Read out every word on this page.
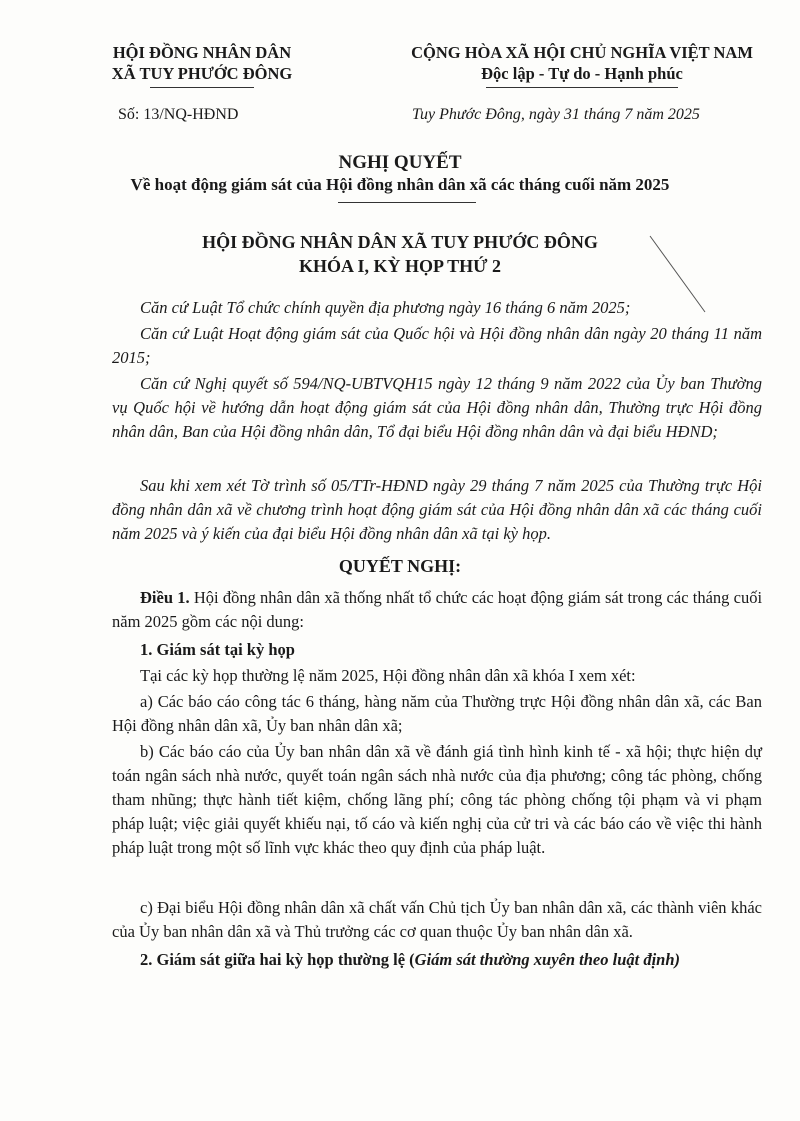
HỘI ĐỒNG NHÂN DÂN
XÃ TUY PHƯỚC ĐÔNG
CỘNG HÒA XÃ HỘI CHỦ NGHĨA VIỆT NAM
Độc lập - Tự do - Hạnh phúc
Số: 13/NQ-HĐND	Tuy Phước Đông, ngày 31 tháng 7 năm 2025
NGHỊ QUYẾT
Về hoạt động giám sát của Hội đồng nhân dân xã các tháng cuối năm 2025
HỘI ĐỒNG NHÂN DÂN XÃ TUY PHƯỚC ĐÔNG
KHÓA I, KỲ HỌP THỨ 2

Căn cứ Luật Tổ chức chính quyền địa phương ngày 16 tháng 6 năm 2025;

Căn cứ Luật Hoạt động giám sát của Quốc hội và Hội đồng nhân dân ngày 20 tháng 11 năm 2015;

Căn cứ Nghị quyết số 594/NQ-UBTVQH15 ngày 12 tháng 9 năm 2022 của Ủy ban Thường vụ Quốc hội về hướng dẫn hoạt động giám sát của Hội đồng nhân dân, Thường trực Hội đồng nhân dân, Ban của Hội đồng nhân dân, Tổ đại biểu Hội đồng nhân dân và đại biểu HĐND;

Sau khi xem xét Tờ trình số 05/TTr-HĐND ngày 29 tháng 7 năm 2025 của Thường trực Hội đồng nhân dân xã về chương trình hoạt động giám sát của Hội đồng nhân dân xã các tháng cuối năm 2025 và ý kiến của đại biểu Hội đồng nhân dân xã tại kỳ họp.

QUYẾT NGHỊ:

Điều 1. Hội đồng nhân dân xã thống nhất tổ chức các hoạt động giám sát trong các tháng cuối năm 2025 gồm các nội dung:

1. Giám sát tại kỳ họp

Tại các kỳ họp thường lệ năm 2025, Hội đồng nhân dân xã khóa I xem xét:

a) Các báo cáo công tác 6 tháng, hàng năm của Thường trực Hội đồng nhân dân xã, các Ban Hội đồng nhân dân xã, Ủy ban nhân dân xã;

b) Các báo cáo của Ủy ban nhân dân xã về đánh giá tình hình kinh tế - xã hội; thực hiện dự toán ngân sách nhà nước, quyết toán ngân sách nhà nước của địa phương; công tác phòng, chống tham nhũng; thực hành tiết kiệm, chống lãng phí; công tác phòng chống tội phạm và vi phạm pháp luật; việc giải quyết khiếu nại, tố cáo và kiến nghị của cử tri và các báo cáo về việc thi hành pháp luật trong một số lĩnh vực khác theo quy định của pháp luật.

c) Đại biểu Hội đồng nhân dân xã chất vấn Chủ tịch Ủy ban nhân dân xã, các thành viên khác của Ủy ban nhân dân xã và Thủ trưởng các cơ quan thuộc Ủy ban nhân dân xã.

2. Giám sát giữa hai kỳ họp thường lệ (Giám sát thường xuyên theo luật định)
